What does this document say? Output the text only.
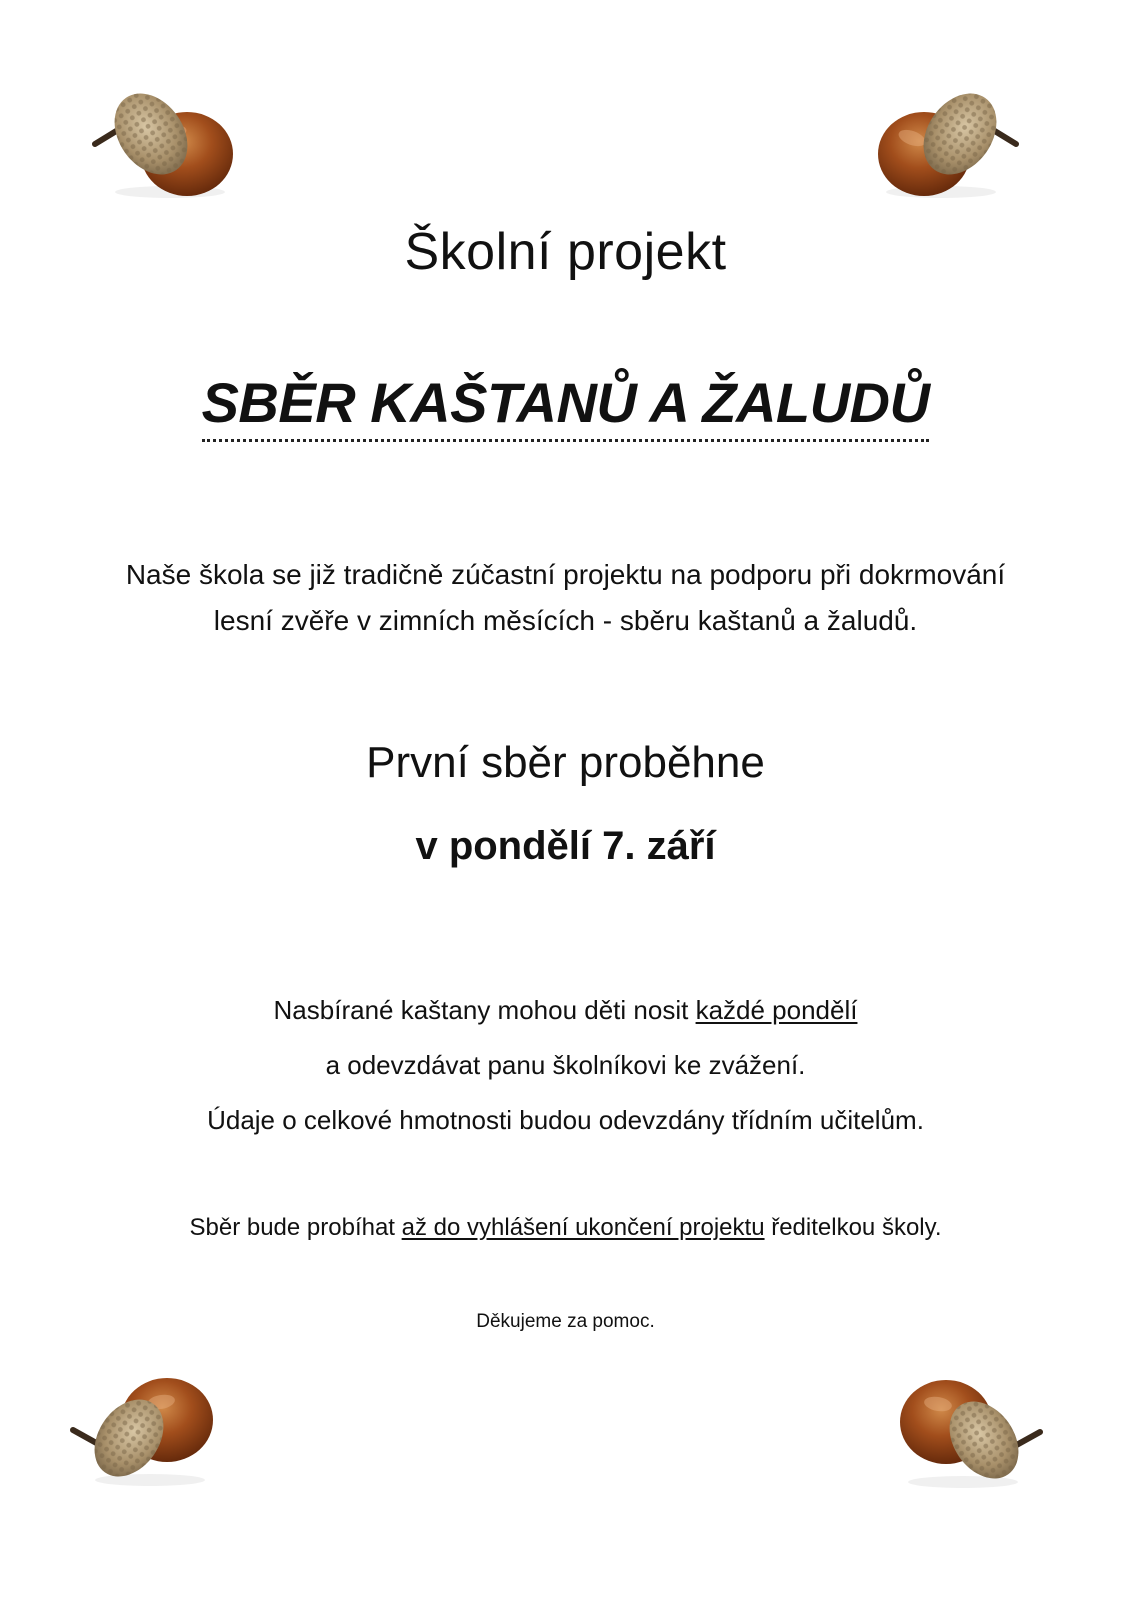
Školní projekt
SBĚR KAŠTANŮ A ŽALUDŮ
Naše škola se již tradičně zúčastní projektu na podporu při dokrmování
lesní zvěře v zimních měsících - sběru kaštanů a žaludů.
První sběr proběhne
v pondělí 7. září
Nasbírané kaštany mohou děti nosit každé pondělí
a odevzdávat panu školníkovi ke zvážení.
Údaje o celkové hmotnosti budou odevzdány třídním učitelům.
Sběr bude probíhat až do vyhlášení ukončení projektu ředitelkou školy.
Děkujeme za pomoc.
